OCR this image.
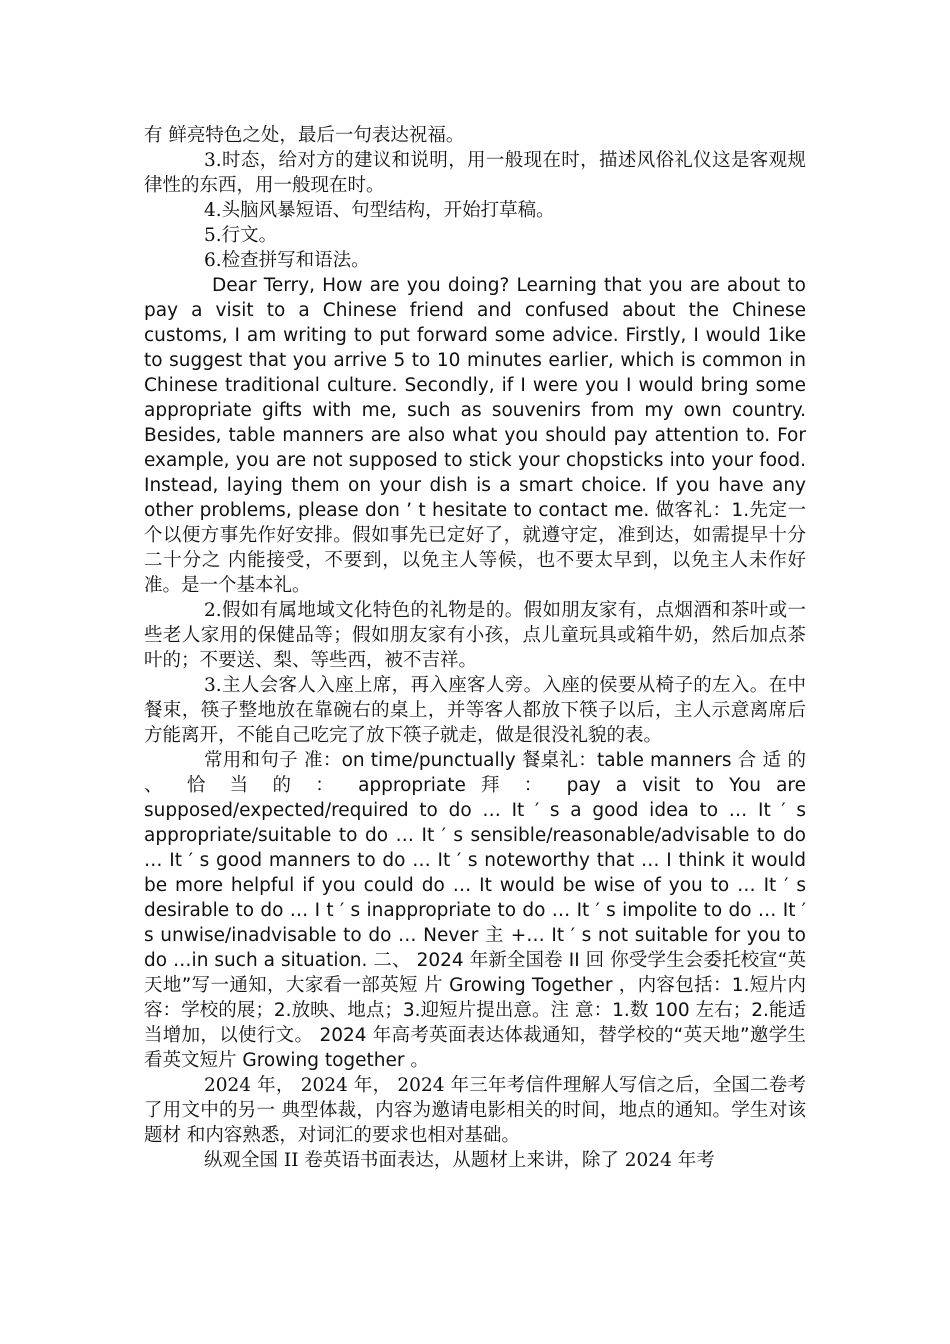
有 鲜亮特色之处，最后一句表达祝福。

3.时态，给对方的建议和说明，用一般现在时，描述风俗礼仪这是客观规律性的东西，用一般现在时。

4.头脑风暴短语、句型结构，开始打草稿。

5.行文。

6.检查拼写和语法。

Dear Terry, How are you doing? Learning that you are about to pay a visit to a Chinese friend and confused about the Chinese customs, I am writing to put forward some advice. Firstly, I would 1ike to suggest that you arrive 5 to 10 minutes earlier, which is common in Chinese traditional culture. Secondly, if I were you I would bring some appropriate gifts with me, such as souvenirs from my own country. Besides, table manners are also what you should pay attention to. For example, you are not supposed to stick your chopsticks into your food. Instead, laying them on your dish is a smart choice. If you have any other problems, please don ’ t hesitate to contact me. 做客礼：1.先定一个以便方事先作好安排。假如事先已定好了，就遵守定，准到达，如需提早十分二十分之 内能接受，不要到，以免主人等候，也不要太早到，以免主人未作好准。是一个基本礼。

2.假如有属地域文化特色的礼物是的。假如朋友家有，点烟酒和茶叶或一些老人家用的保健品等；假如朋友家有小孩，点儿童玩具或箱牛奶，然后加点茶叶的；不要送、梨、等些西，被不吉祥。

3.主人会客人入座上席，再入座客人旁。入座的侯要从椅子的左入。在中餐束，筷子整地放在靠碗右的桌上，并等客人都放下筷子以后，主人示意离席后方能离开，不能自己吃完了放下筷子就走，做是很没礼貌的表。

常用和句子 准：on time/punctually 餐桌礼：table manners 合 适 的 、 恰 当 的 ： appropriate 拜 ： pay a visit to You are supposed/expected/required to do … It ′ s a good idea to … It ′ s appropriate/suitable to do … It ′ s sensible/reasonable/advisable to do … It ′ s good manners to do … It ′ s noteworthy that … I think it would be more helpful if you could do … It would be wise of you to … It ′ s desirable to do … I t ′ s inappropriate to do … It ′ s impolite to do … It ′ s unwise/inadvisable to do … Never 主 +… It ′ s not suitable for you to do …in such a situation. 二、 2024 年新全国卷 II 回 你受学生会委托校宣“英天地”写一通知，大家看一部英短 片 Growing Together ，内容包括：1.短片内容：学校的展；2.放映、地点；3.迎短片提出意。注 意：1.数 100 左右；2.能适当增加，以使行文。 2024 年高考英面表达体裁通知，替学校的“英天地”邀学生看英文短片 Growing together 。

2024 年， 2024 年， 2024 年三年考信件理解人写信之后，全国二卷考了用文中的另一 典型体裁，内容为邀请电影相关的时间，地点的通知。学生对该题材 和内容熟悉，对词汇的要求也相对基础。

纵观全国 II 卷英语书面表达，从题材上来讲，除了 2024 年考
